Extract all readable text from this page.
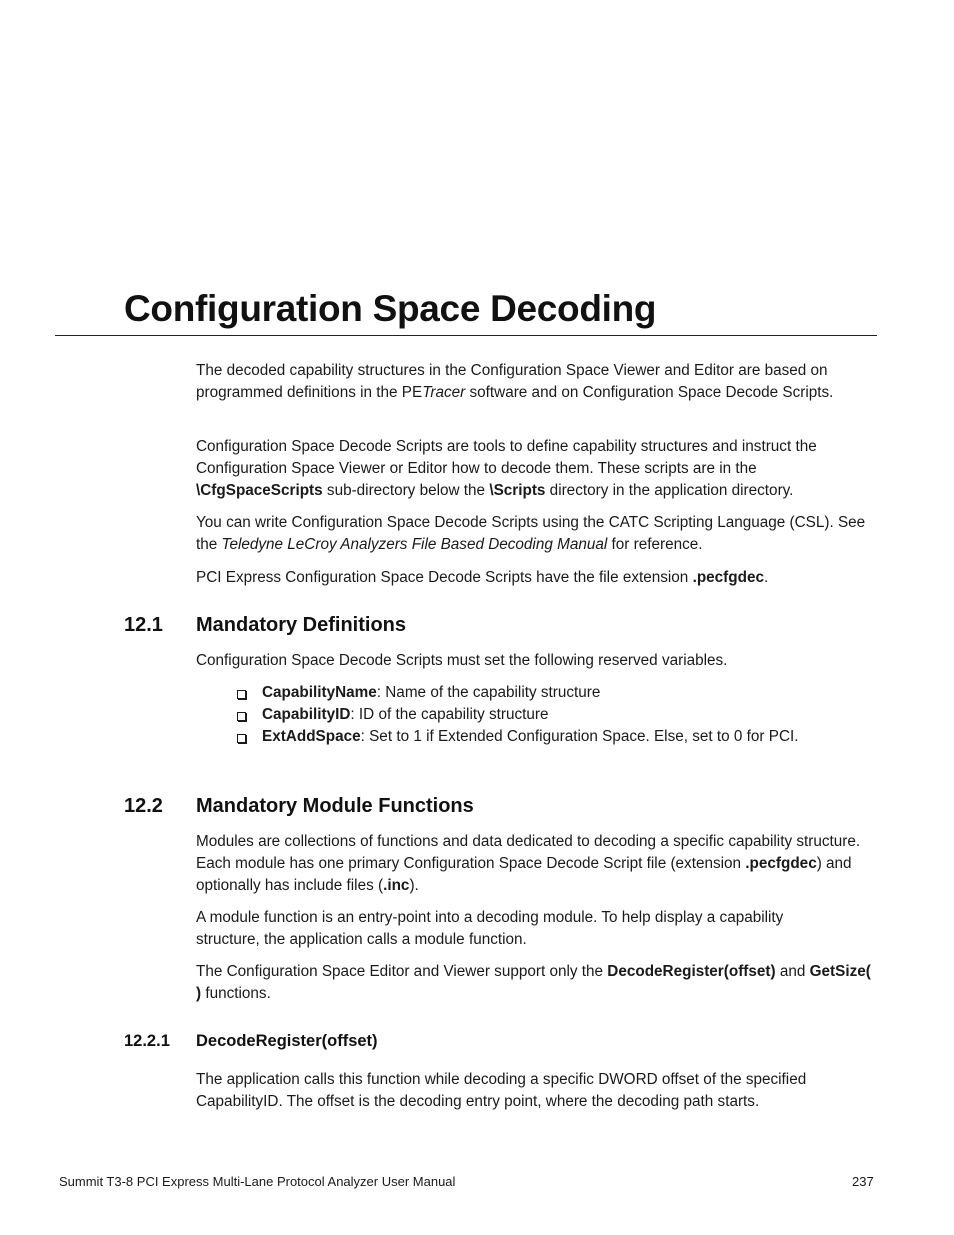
Configuration Space Decoding

The decoded capability structures in the Configuration Space Viewer and Editor are based on programmed definitions in the PETracer software and on Configuration Space Decode Scripts.

Configuration Space Decode Scripts are tools to define capability structures and instruct the Configuration Space Viewer or Editor how to decode them. These scripts are in the \CfgSpaceScripts sub-directory below the \Scripts directory in the application directory.

You can write Configuration Space Decode Scripts using the CATC Scripting Language (CSL). See the Teledyne LeCroy Analyzers File Based Decoding Manual for reference.

PCI Express Configuration Space Decode Scripts have the file extension .pecfgdec.

12.1 Mandatory Definitions

Configuration Space Decode Scripts must set the following reserved variables.

CapabilityName: Name of the capability structure
CapabilityID: ID of the capability structure
ExtAddSpace: Set to 1 if Extended Configuration Space. Else, set to 0 for PCI.
12.2 Mandatory Module Functions

Modules are collections of functions and data dedicated to decoding a specific capability structure. Each module has one primary Configuration Space Decode Script file (extension .pecfgdec) and optionally has include files (.inc).

A module function is an entry-point into a decoding module. To help display a capability structure, the application calls a module function.

The Configuration Space Editor and Viewer support only the DecodeRegister(offset) and GetSize( ) functions.

12.2.1 DecodeRegister(offset)

The application calls this function while decoding a specific DWORD offset of the specified CapabilityID. The offset is the decoding entry point, where the decoding path starts.

Summit T3-8 PCI Express Multi-Lane Protocol Analyzer User Manual	237
